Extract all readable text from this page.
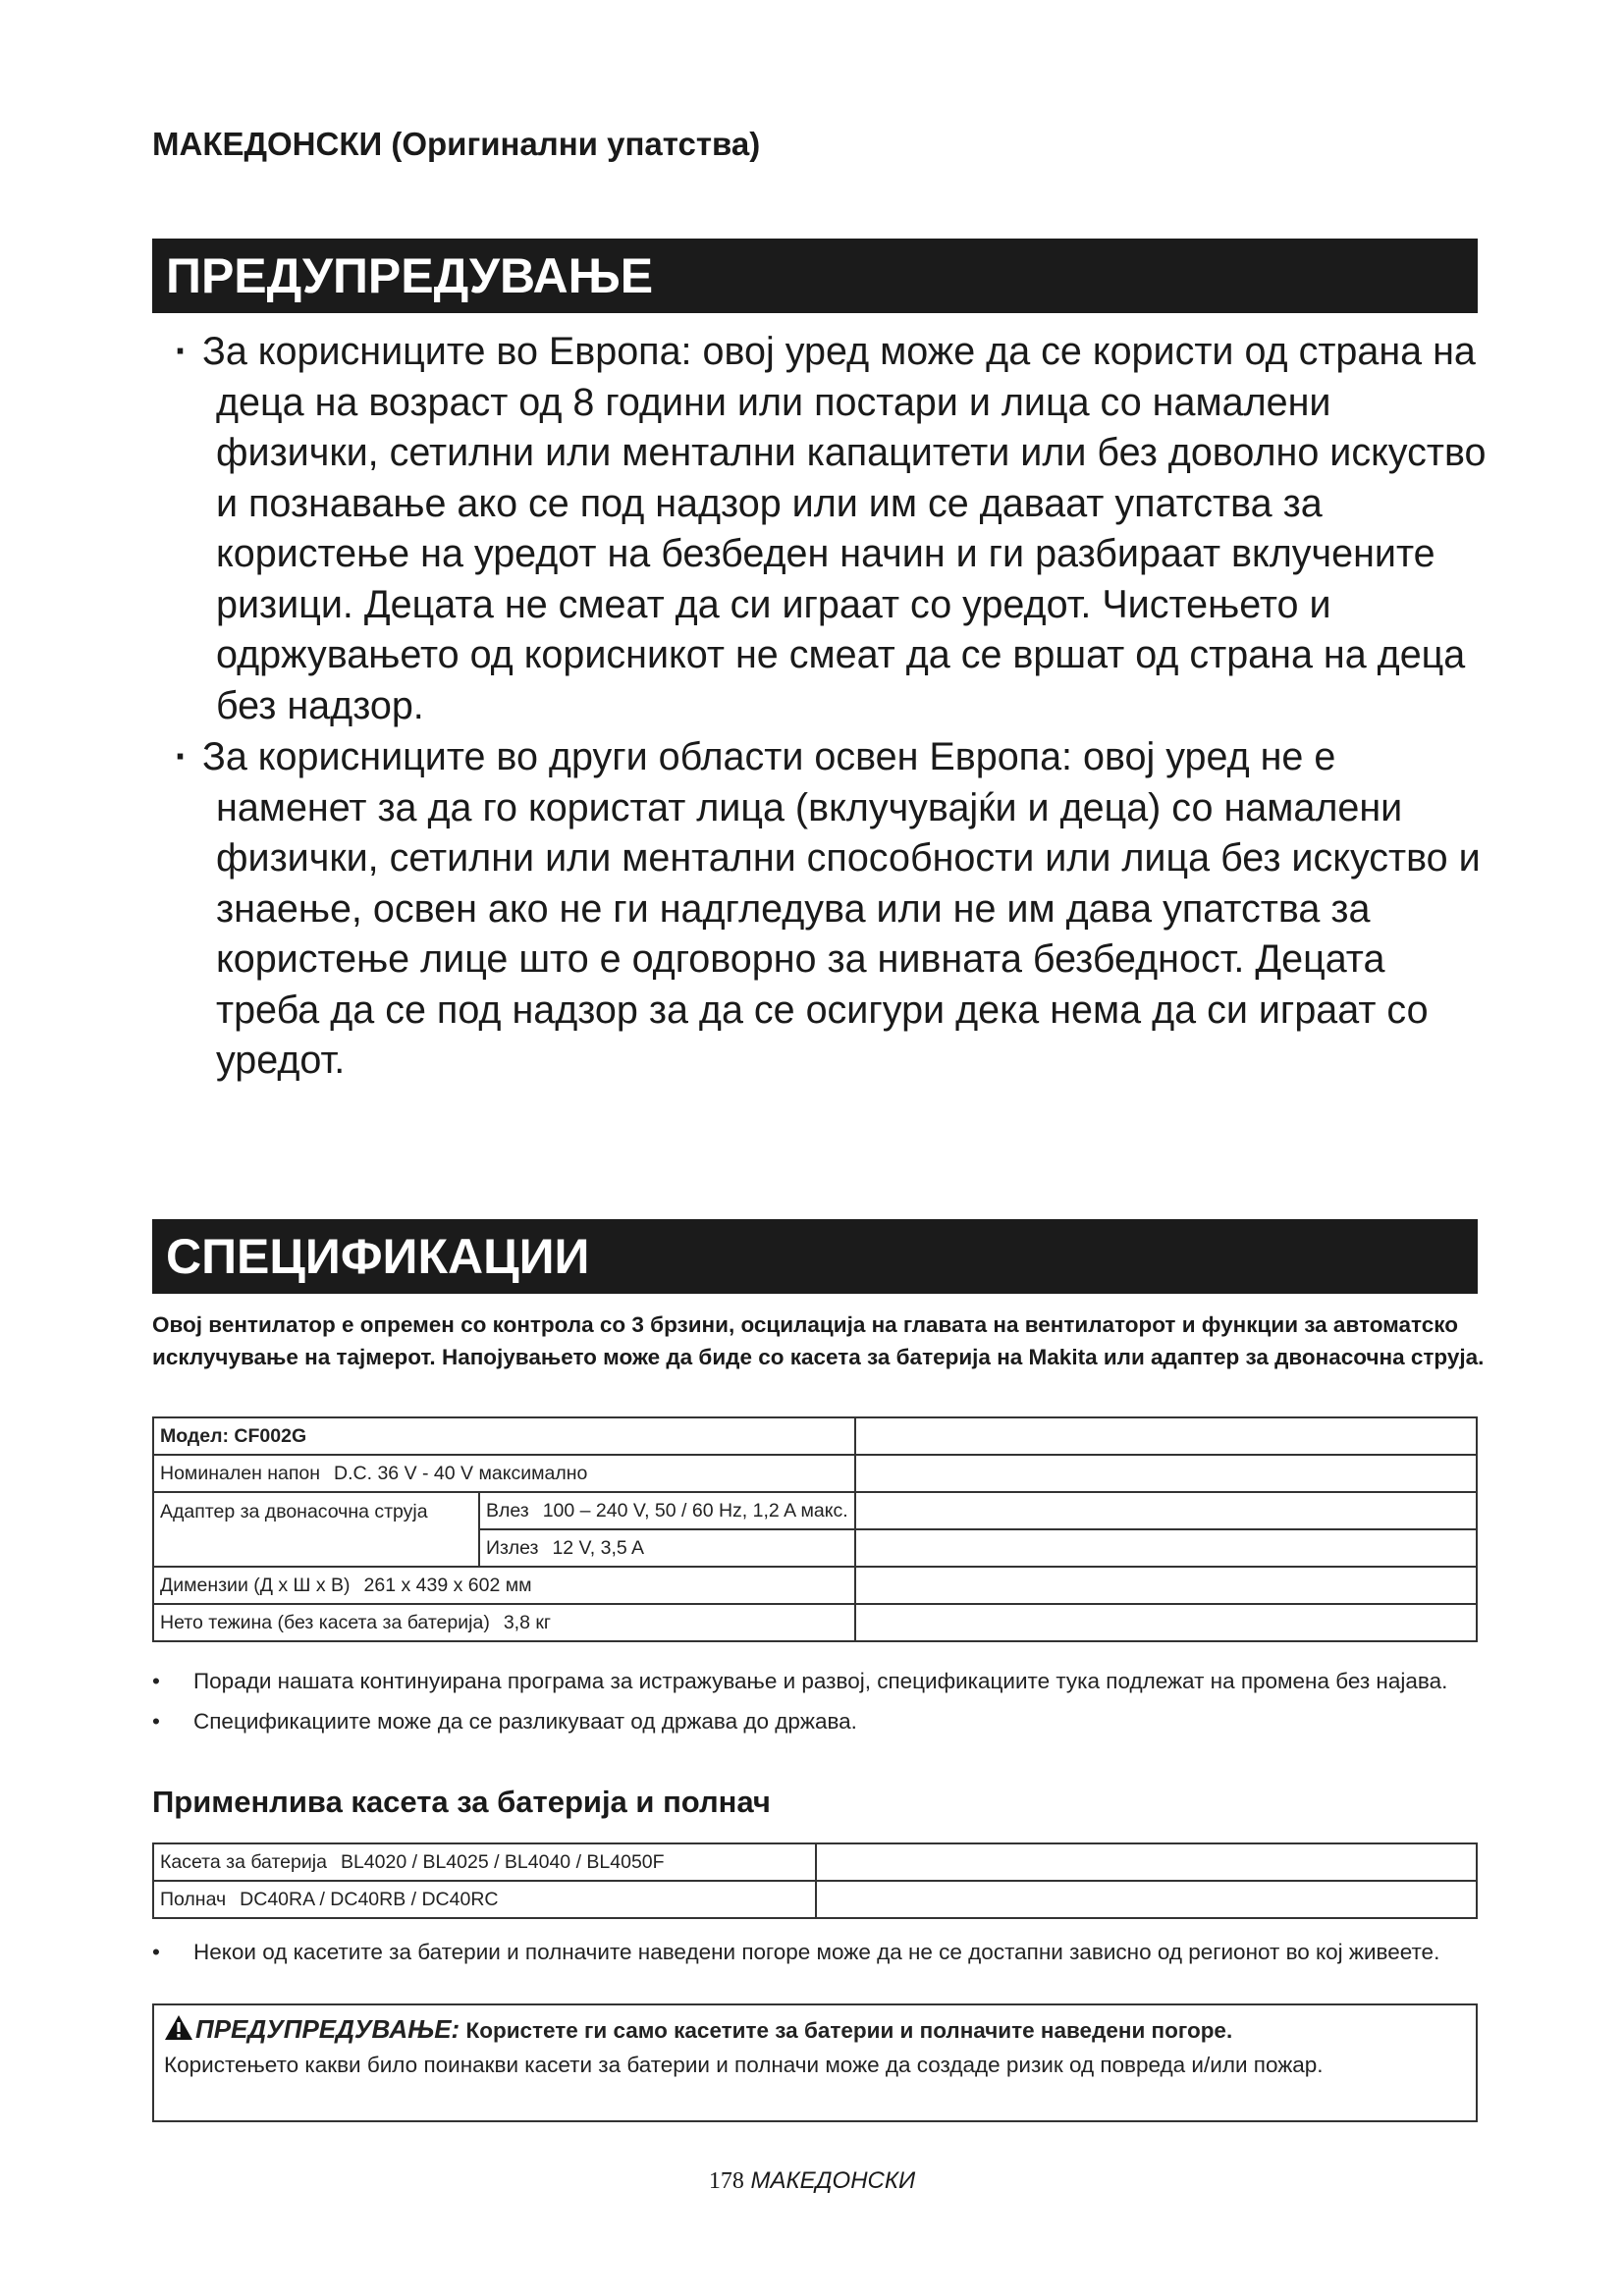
МАКЕДОНСКИ (Оригинални упатства)
ПРЕДУПРЕДУВАЊЕ
· За корисниците во Европа: овој уред може да се користи од страна на деца на возраст од 8 години или постари и лица со намалени физички, сетилни или ментални капацитети или без доволно искуство и познавање ако се под надзор или им се даваат упатства за користење на уредот на безбеден начин и ги разбираат вклучените ризици. Децата не смеат да си играат со уредот. Чистењето и одржувањето од корисникот не смеат да се вршат од страна на деца без надзор.
· За корисниците во други области освен Европа: овој уред не е наменет за да го користат лица (вклучувајќи и деца) со намалени физички, сетилни или ментални способности или лица без искуство и знаење, освен ако не ги надгледува или не им дава упатства за користење лице што е одговорно за нивната безбедност. Децата треба да се под надзор за да се осигури дека нема да си играат со уредот.
СПЕЦИФИКАЦИИ

Овој вентилатор е опремен со контрола со 3 брзини, осцилација на главата на вентилаторот и функции за автоматско исклучување на тајмерот. Напојувањето може да биде со касета за батерија на Makita или адаптер за двонасочна струја.

Модел: CF002G		
Номинален напон D.C. 36 V - 40 V максимално		
Адаптер за двонасочна струја	Влез 100 – 240 V, 50 / 60 Hz, 1,2 A макс.	
	Излез 12 V, 3,5 A	
Димензии (Д x Ш x В) 261 x 439 x 602 мм		
Нето тежина (без касета за батерија) 3,8 кг		
• Поради нашата континуирана програма за истражување и развој, спецификациите тука подлежат на промена без најава.
• Спецификациите може да се разликуваат од држава до држава.
Применлива касета за батерија и полнач
Касета за батерија BL4020 / BL4025 / BL4040 / BL4050F	
Полнач DC40RA / DC40RB / DC40RC	
• Некои од касетите за батерии и полначите наведени погоре може да не се достапни зависно од регионот во кој живеете.
ПРЕДУПРЕДУВАЊЕ: Користете ги само касетите за батерии и полначите наведени погоре.
Користењето какви било поинакви касети за батерии и полначи може да создаде ризик од повреда и/или пожар.
178 МАКЕДОНСКИ
